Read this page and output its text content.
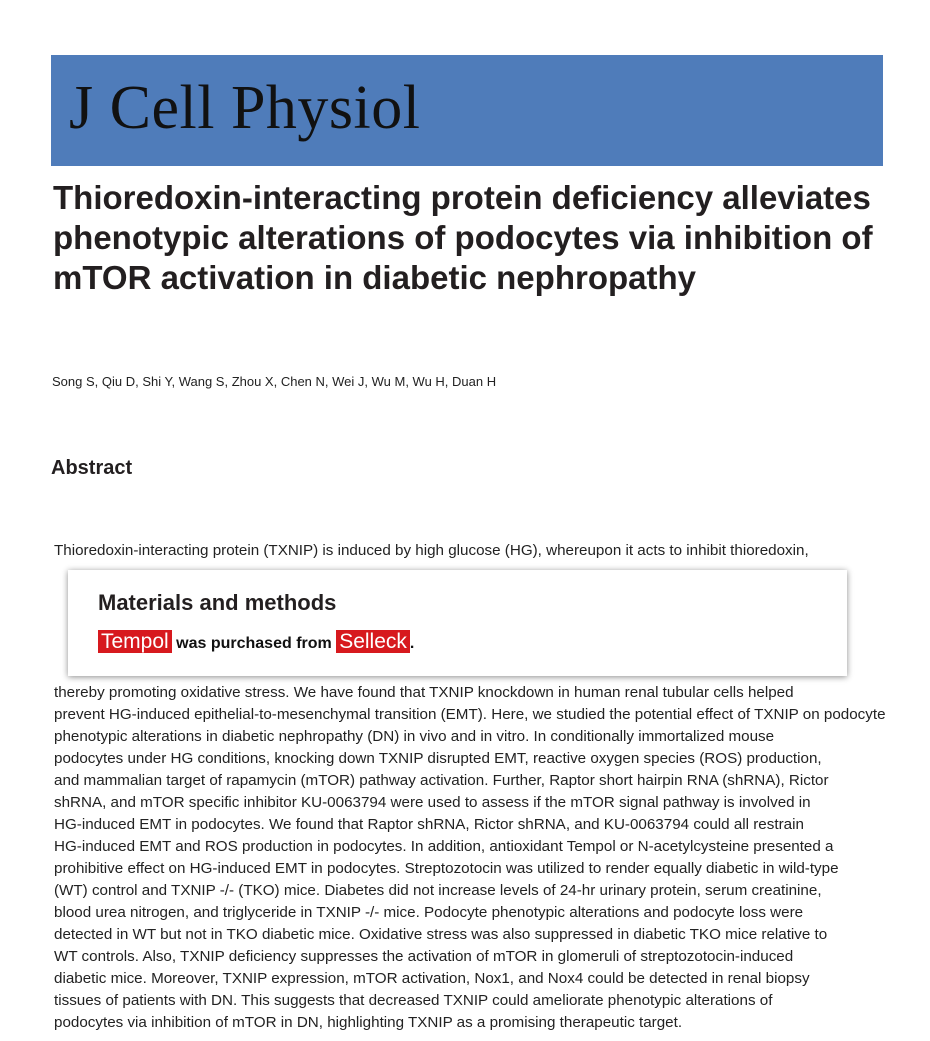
J Cell Physiol
Thioredoxin-interacting protein deficiency alleviates phenotypic alterations of podocytes via inhibition of mTOR activation in diabetic nephropathy
Song S, Qiu D, Shi Y, Wang S, Zhou X, Chen N, Wei J, Wu M, Wu H, Duan H
Abstract
Thioredoxin-interacting protein (TXNIP) is induced by high glucose (HG), whereupon it acts to inhibit thioredoxin,
Materials and methods
Tempol was purchased from Selleck .
thereby promoting oxidative stress. We have found that TXNIP knockdown in human renal tubular cells helped
prevent HG-induced epithelial-to-mesenchymal transition (EMT). Here, we studied the potential effect of TXNIP on podocyte
phenotypic alterations in diabetic nephropathy (DN) in vivo and in vitro. In conditionally immortalized mouse
podocytes under HG conditions, knocking down TXNIP disrupted EMT, reactive oxygen species (ROS) production,
and mammalian target of rapamycin (mTOR) pathway activation. Further, Raptor short hairpin RNA (shRNA), Rictor
shRNA, and mTOR specific inhibitor KU-0063794 were used to assess if the mTOR signal pathway is involved in
HG-induced EMT in podocytes. We found that Raptor shRNA, Rictor shRNA, and KU-0063794 could all restrain
HG-induced EMT and ROS production in podocytes. In addition, antioxidant Tempol or N-acetylcysteine presented a
prohibitive effect on HG-induced EMT in podocytes. Streptozotocin was utilized to render equally diabetic in wild-type
(WT) control and TXNIP -/- (TKO) mice. Diabetes did not increase levels of 24-hr urinary protein, serum creatinine,
blood urea nitrogen, and triglyceride in TXNIP -/- mice. Podocyte phenotypic alterations and podocyte loss were
detected in WT but not in TKO diabetic mice. Oxidative stress was also suppressed in diabetic TKO mice relative to
WT controls. Also, TXNIP deficiency suppresses the activation of mTOR in glomeruli of streptozotocin-induced
diabetic mice. Moreover, TXNIP expression, mTOR activation, Nox1, and Nox4 could be detected in renal biopsy
tissues of patients with DN. This suggests that decreased TXNIP could ameliorate phenotypic alterations of
podocytes via inhibition of mTOR in DN, highlighting TXNIP as a promising therapeutic target.
